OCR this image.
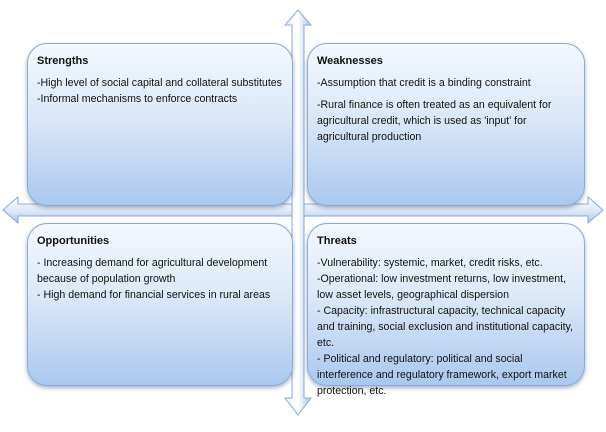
Strengths
-High level of social capital and collateral substitutes
-Informal mechanisms to enforce contracts
Weaknesses
-Assumption that credit is a binding constraint
-Rural finance is often treated as an equivalent for agricultural credit, which is used as 'input' for agricultural production
Opportunities
- Increasing demand for agricultural development because of population growth
- High demand for financial services in rural areas
Threats
-Vulnerability: systemic, market, credit risks, etc.
-Operational: low investment returns, low investment, low asset levels, geographical dispersion
- Capacity: infrastructural capacity, technical capacity and training, social exclusion and institutional capacity, etc.
- Political and regulatory: political and social interference and regulatory framework, export market protection, etc.
